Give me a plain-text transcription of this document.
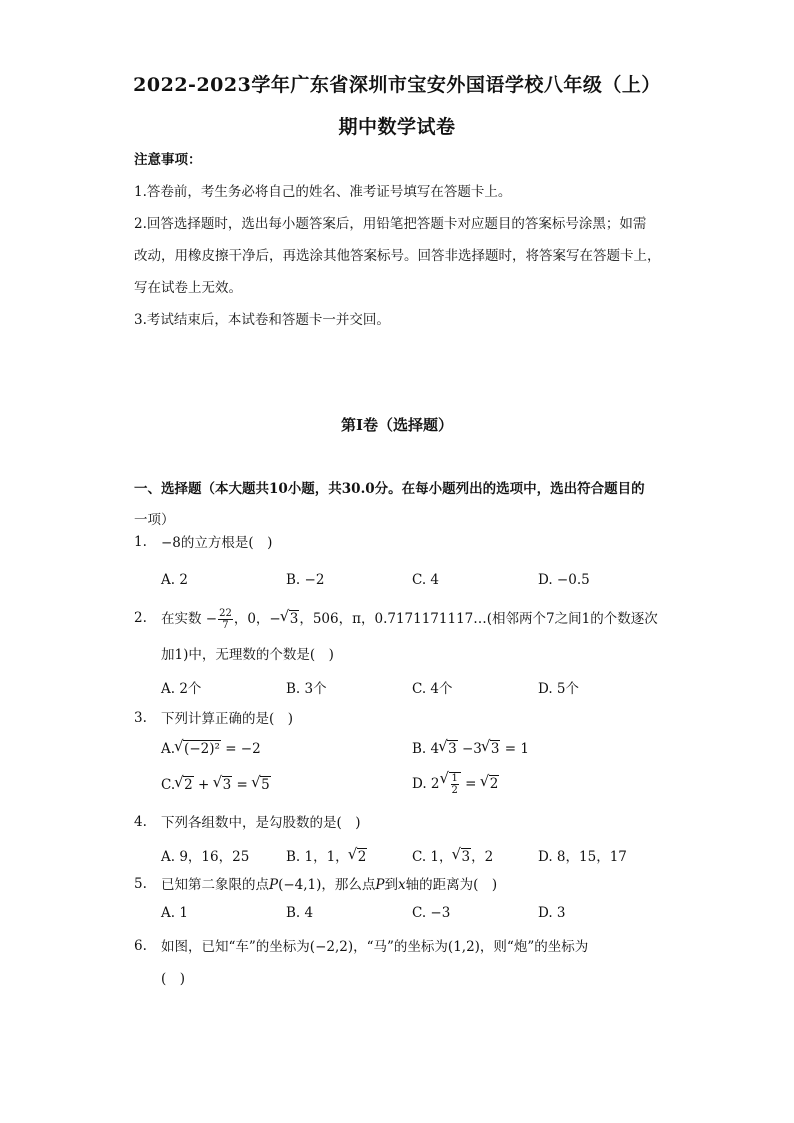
2022-2023学年广东省深圳市宝安外国语学校八年级（上）
期中数学试卷
注意事项：
1.答卷前，考生务必将自己的姓名、准考证号填写在答题卡上。
2.回答选择题时，选出每小题答案后，用铅笔把答题卡对应题目的答案标号涂黑；如需
改动，用橡皮擦干净后，再选涂其他答案标号。回答非选择题时，将答案写在答题卡上，
写在试卷上无效。
3.考试结束后，本试卷和答题卡一并交回。
第I卷（选择题）
一、选择题（本大题共10小题，共30.0分。在每小题列出的选项中，选出符合题目的
一项）
1. −8的立方根是(　)
A. 2	B. −2	C. 4	D. −0.5
2. 在实数 − $\frac{22}{7}$ ，0，− √ 3，506，π，0.7171171117…(相邻两个7之间1的个数逐次
加1)中，无理数的个数是(　)
A. 2个	B. 3个	C. 4个	D. 5个
3. 下列计算正确的是(　)
A. √ (−2)² = −2	B. 4 √ 3 −3 √ 3 = 1
C. √ 2 + √ 3 = √ 5	D. 2 √ $\frac{1}{2}$ = √ 2
4. 下列各组数中，是勾股数的是(　)
A. 9，16，25	B. 1，1， √ 2	C. 1， √ 3，2	D. 8，15，17
5. 已知第二象限的点P(−4,1)，那么点P到x轴的距离为(　)
A. 1	B. 4	C. −3	D. 3
6. 如图，已知“车”的坐标为(−2,2)，“马”的坐标为(1,2)，则“炮”的坐标为
(　)
